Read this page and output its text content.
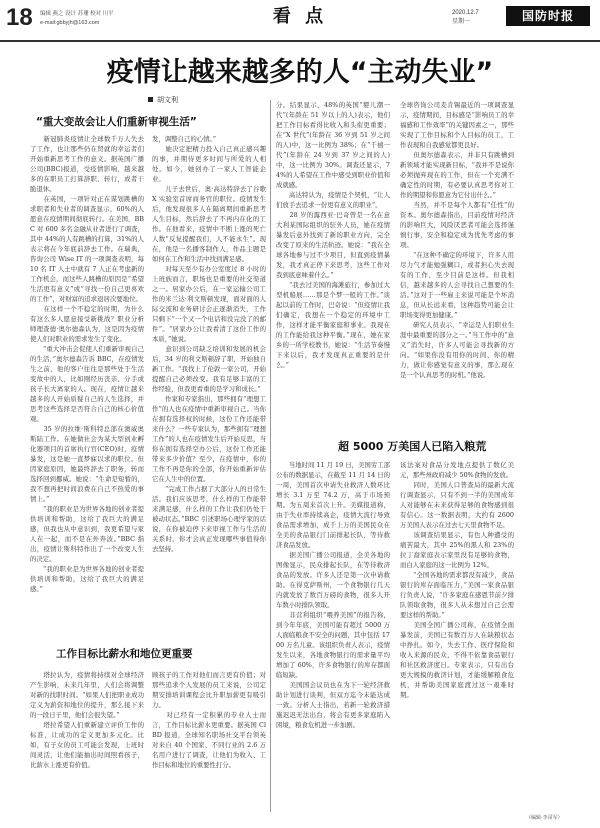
18 编辑 燕之 设计 苏珊 校对 川平
e-mail:gbbyjh@163.com	看 点	2020.12.7
星期一	国防时报
疫情让越来越多的人“主动失业”
胡文利
“重大变故会让人们重新审视生活”
　　新冠肺炎疫情让全球数千万人失去了工作，也让那些仍在贸就的幸运者们开始重新思考工作的意义。据英国广播公司(BBC)报道，受疫情影响，越来越多的在职员工打算辞职、转行，或者干脆退休。
　　在英国，一项针对正在谋划跳槽的求职者和失业者的调查显示，60%的人愿意在疫情期间彻底转行。在美国，BBC 对 600 多名金融从业者进行了调查，其中 44%的人有跳槽的打算，31%的人表示将在今年底前辞去工作。在瑞典，咨询公司 Wise IT 的一项调查表明，每 10 名 IT 人士中就有 7 人正在考虑新的工作机会，而这些人跳槽的原因是“希望生活更有意义”或“寻找一份自己更喜欢的工作”，对财富的追求退居次要地位。
　　在这样一个不稳定的时期，为什么有这么多人愿意接受新挑战？职业分析师理查德·奥尔德森认为，这是因为疫情使人们对职业的需求发生了变化。
　　“重大冲击会促使人们重新审视自己的生活，”奥尔德森告诉 BBC，在疫情发生之前，他的客户往往是那些处于生活变故中的人，比如刚经历丧亲、分手或孩子长大离家的人。现在，疫情让越来越多的人开始质疑自己的人生选择，并思考这些选择是否符合自己的核心价值观。
　　35 岁的拉维·斯科特总部在澳威奥斯陆工作。在她做社会为某大型创业孵化器项目的首席执行官(CEO)时，疫情暴发，这是她一直梦寐以求的职位。但因家庭原因，她最终辞去了职务，转而选择回到挪威。她说：“生命是短暂的，我不想再把时间浪费在自己不热爱的事情上。”
　　“我的职业是为世界各地的创业者提供培训和帮助，这给了我巨大的满足感，但我也从中意识到，我更希望与家人在一起，而不是在外奔波。”BBC 指出，疫情让斯科特作出了一个改变人生的决定。
　　“我的职业是为世界各地的创业者提供培训和帮助，这给了我巨大的满足感。”
发，调整自己的心情。”
　　她决定把精力投入自己真正感兴趣的事，并期待更多时间与所爱的人相处。如今，她创办了一家人工智能企业。
　　儿子去世后，奥·高达特辞去了谷歌 X 实验室首席商务官的职位。疫情发生后，他发现很多人在隔离期间重新思考人生目标，然后辞去了不再内在化的工作。在他看来，疫情中不断上涨的死亡人数“反复提醒我们，人不能永生”。现在，他是一名播客制作人，作品主题是如何在工作和生活中找到满足感。
　　对每天至少有办公室度过 8 小时的上班族而言，职场也是重要的社交渠道之一。居家办公后，在一家运输公司工作的米兰达·利文斯顿发现，面对面的人际交流和业务研讨会正逐渐消失，工作只剩下“一个又一个电话和没完没了的邮件”。“居家办公让我看清了这份工作的本质，”她说。
　　意识到公司缺乏培训和发展的机会后，34 岁的利文斯顿辞了职，开始独自新工作。“我找上了伦敦一家公司，开始提醒自己必须改变。我有足够丰富的工作经验，但我更看重的是学习和成长。”
　　作家和专家指出，那些拥有“理想工作”的人也在疫情中重新审视自己。当你在拥有选择权的时候，这份工作还能带来什么？一些专家认为，那些拥有“理想工作”的人也在疫情发生后开始反思，当你在拥有选择空办公后，这份工作还能带来多少价值？至少，在疫情中，你的工作不再是你的全部，你开始重新评估它在人生中的位置。
　　“完成工作占据了大部分人的日常生活。我们应该思考，什么样的工作能带来满足感，什么样的工作让我们仍处于被动状态。”BBC 引述职场心理学家的话说，在你被迫停下来审视工作与生活的关系时，你才会真正发现哪些事值得你去坚持。
分。结果显示，48%的英国“婴儿潮一代”(年龄在 51 岁以上的人)表示，他们把工作目标看得比收入和头衔更重要；在“X 世代”(年龄在 36 岁到 51 岁之间的人)中，这一比例为 38%；在“千禧一代”(年龄在 24 岁到 37 岁之间的人)中，这一比例为 30%。调查还显示，74%的人希望在工作中感受到职业价值和成就感。
　　高达特认为，疫情是个契机，“让人们放手去追求一份更有意义的职业”。
　　28 岁的露西亚·巴奇曾是一名在意大利某国际组织的驻外人员，她在疫情暴发后意外找到了新的职业方向，完全改变了原来的生活轨迹。她说：“我在全球各地参与过不少项目，但直到疫情暴发，我才真正停下来思考，这些工作对我到底意味着什么。”
　　“我去过美国的海滩旅行，参加过大型机船展……那是个梦一般的工作。”谈起以前的工作时，巴奇说：“但疫情让我们确定，我想在一个稳定的环境中工作，这样才能平衡家庭和事业。我现在的工作能给我这种平衡。”现在，她在家乡的一所学校教书，她说：“生活节奏慢下来以后，我才发现真正重要的是什么。”
全球咨询公司麦肯锡最近的一项调查显示，疫情期间，目标感是“影响员工的幸福感和工作效率”的关键因素之一，那些实现了工作目标和个人目标的员工，工作表现和自我感觉都更良好。
　　但奥尔德森表示，并非只有跳槽到新领域才能实现新目标，“我并不是说你必须抛弃现在的工作，但在一个充满不确定性的时期，有必要认真思考你对工作的期望和你愿意为它付出什么。”
　　当然，并不是每个人都有“任性”的资本。奥尔德森指出，目前疫情对经济的影响巨大，风险厌恶者可能会选择谨慎行事，安全和稳定成为优先考虑的事项。
　　“在这种不确定的环境下，许多人用尽力气才能勉强糊口，或者担心失去现有的工作，至少目前是这样。但我相信，越来越多的人会寻找自己想要的生活。”这对于一些雇主来说可能是个坏消息，但从长远来看，这种趋势可能会让职场变得更加健康。”
　　研究人员表示，“幸运是人们职业生涯中最重要的部分之一。”当工作中的“意义”消失时，许多人可能会寻找新的方向。“如果你没有用你的时间、你的精力，做让你感觉有意义的事，那么现在是一个认真思考的时机。”他说。
工作目标比薪水和地位更重要
　　塔拉认为，疫情将持续对全球经济产生影响，未来几年里，人们会将调整对新的找职时间。“如果人们把职业成功定义为薪资和地位的提升，那么接下来的一段日子里，他们会很失望。”
　　塔拉希望人们重新建立评价工作的标准，让成功的定义更加多元化。比如，有子女的员工可能会发现，上班时间灵活，让他们能抽出时间照看孩子，比薪水上涨更有价值。
顾孩子的工作对他们而言更有价值；对那些追求个人发展的员工来说，公司定期安排培训课程会比升职加薪更有吸引力。
　　对已经有一定积累的专业人士而言，工作目标比薪水更重要。据英国 ClBD 报道，全球知名职场社交平台领英对来自 40 个国家、不同行业的 2.6 万名用户进行了调查，让他们为收入、工作目标和地位的重要性打分。
超 5000 万美国人已陷入粮荒
　　当地时间 11 月 19 日，美国劳工部公布的数据显示，在截至 11 月 14 日的一周，美国首次申请失业救济人数环比增长 3.1 万至 74.2 万，高于市场预期。为五周来首次上升。美媒报道称，由于失业率持续高企，疫情大流行导致食品需求增加，成千上万的美国民众在全美的食品银行门前排起长队，等待救济食品发放。
　　据美国广播公司报道，全美各地的图像显示，民众排起长队，在等待救济食品的发放。许多人还是第一次申请救助。在得克萨斯州，一个食物银行几天内就发放了数百万磅的食物，很多人开车数小时排队领取。
　　非营利组织“喂养美国”的报告称，到今年年底，美国可能有超过 5000 万人面临粮食不安全的问题，其中包括 1700 万名儿童。该组织负责人表示，疫情发生以来，各地食物银行的需求量平均增加了 60%，许多食物银行的库存都面临短缺。
　　美国国会议员也在为下一轮经济救助计划进行谈判，但双方迄今未能达成一致。分析人士指出，若新一轮救济措施迟迟无法出台，将会有更多家庭陷入困境，粮食危机进一步加剧。
该法案对食品分发地点提供了数亿美元，那些州政府减少 50%食物的发放。
　　同时，美国人口普查局的最新大流行调查显示，只有不到一半的美国成年人对能够在未来获得足够的食物感到很有信心。这一数据表明，大约有 2600 万美国人表示在过去七天里食物不足。
　　该调查结果显示，有色人种遭受的痛苦最大，其中 25%的黑人和 23%的拉丁裔家庭表示家里没有足够的食物，而白人家庭的这一比例为 12%。
　　“全国各地的需求都没有减少，食品银行的库存面临压力，”美国一家食品银行负责人说，“许多家庭在感恩节前夕排队领取食物，很多人从未想过自己会需要这样的帮助。”
　　美国全国广播公司称，在疫情全面暴发前，美国已有数百万人在缺粮状态中挣扎。如今，失去工作、医疗保险和收入来源的民众，不得不依靠食品银行和社区救济度日。专家表示，只有出台更大规模的救济计划，才能缓解粮食危机，并帮助美国家庭渡过这一艰难时期。
（编辑·李哥军）
